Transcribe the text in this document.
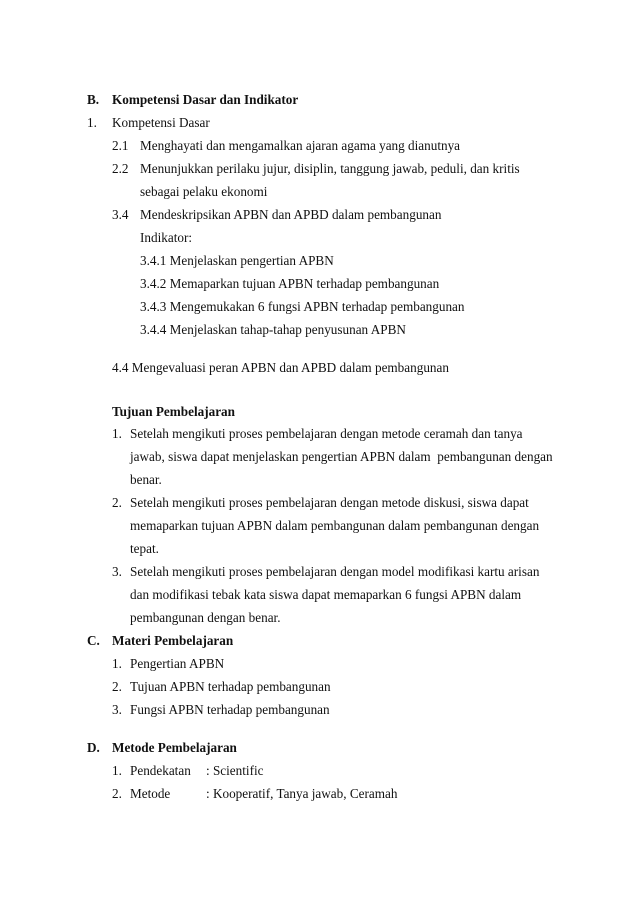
B. Kompetensi Dasar dan Indikator
1. Kompetensi Dasar
2.1 Menghayati dan mengamalkan ajaran agama yang dianutnya
2.2 Menunjukkan perilaku jujur, disiplin, tanggung jawab, peduli, dan kritis
sebagai pelaku ekonomi
3.4 Mendeskripsikan APBN dan APBD dalam pembangunan
Indikator:
3.4.1 Menjelaskan pengertian APBN
3.4.2 Memaparkan tujuan APBN terhadap pembangunan
3.4.3 Mengemukakan 6 fungsi APBN terhadap pembangunan
3.4.4 Menjelaskan tahap-tahap penyusunan APBN
4.4 Mengevaluasi peran APBN dan APBD dalam pembangunan
Tujuan Pembelajaran
1. Setelah mengikuti proses pembelajaran dengan metode ceramah dan tanya
jawab, siswa dapat menjelaskan pengertian APBN dalam  pembangunan dengan
benar.
2. Setelah mengikuti proses pembelajaran dengan metode diskusi, siswa dapat
memaparkan tujuan APBN dalam pembangunan dalam pembangunan dengan
tepat.
3. Setelah mengikuti proses pembelajaran dengan model modifikasi kartu arisan
dan modifikasi tebak kata siswa dapat memaparkan 6 fungsi APBN dalam
pembangunan dengan benar.
C. Materi Pembelajaran
1. Pengertian APBN
2. Tujuan APBN terhadap pembangunan
3. Fungsi APBN terhadap pembangunan
D. Metode Pembelajaran
1. Pendekatan : Scientific
2. Metode	: Kooperatif, Tanya jawab, Ceramah
